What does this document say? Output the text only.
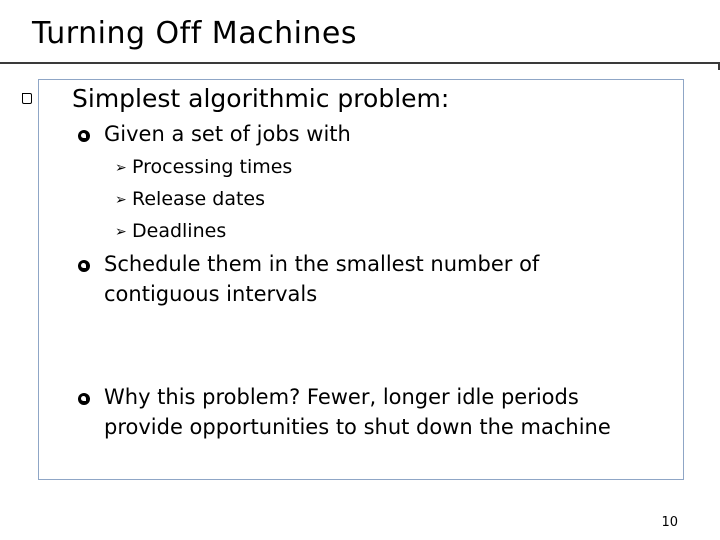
Turning Off Machines
Simplest algorithmic problem:
Given a set of jobs with
➢ Processing times
➢ Release dates
➢ Deadlines
Schedule them in the smallest number of
contiguous intervals
Why this problem? Fewer, longer idle periods
provide opportunities to shut down the machine
10
